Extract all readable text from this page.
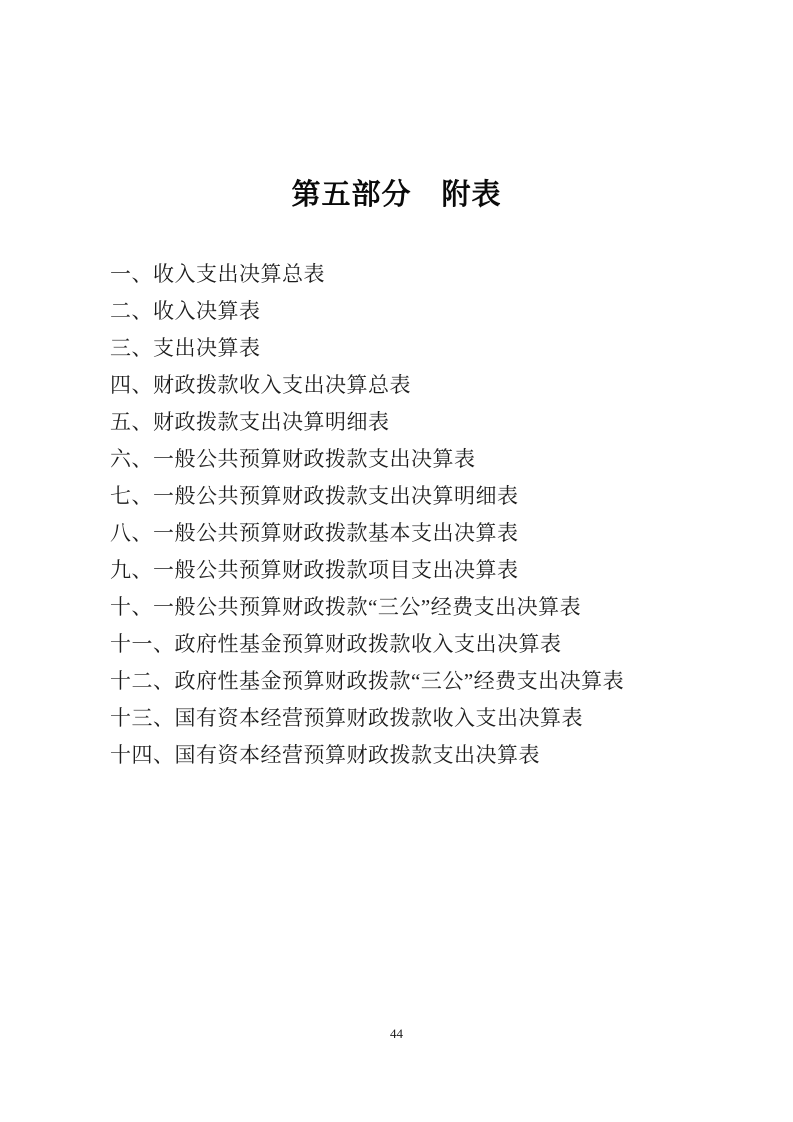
第五部分　附表
一、收入支出决算总表
二、收入决算表
三、支出决算表
四、财政拨款收入支出决算总表
五、财政拨款支出决算明细表
六、一般公共预算财政拨款支出决算表
七、一般公共预算财政拨款支出决算明细表
八、一般公共预算财政拨款基本支出决算表
九、一般公共预算财政拨款项目支出决算表
十、一般公共预算财政拨款“三公”经费支出决算表
十一、政府性基金预算财政拨款收入支出决算表
十二、政府性基金预算财政拨款“三公”经费支出决算表
十三、国有资本经营预算财政拨款收入支出决算表
十四、国有资本经营预算财政拨款支出决算表
44
